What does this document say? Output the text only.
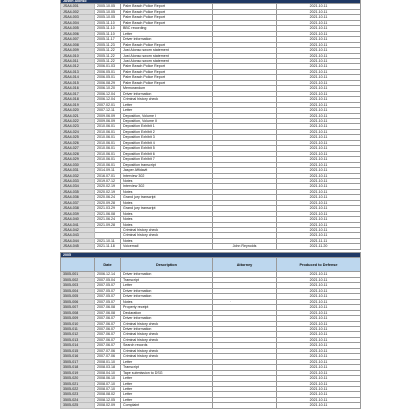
Justin Alonso				
JSA4-001	2005.10.05	Palm Beach Police Report		2021.10.11
JSA4-002	2005.10.05	Palm Beach Police Report		2021.10.11
JSA4-003	2005.10.05	Palm Beach Police Report		2021.10.11
JSA4-004	2005.11.10	Palm Beach Police Report		2021.10.11
JSA4-005	2005.11.10	BBC recording		2021.10.11
JSA4-006	2005.11.10	Letter		2021.10.11
JSA4-007	2005.11.17	Driver information		2021.10.11
JSA4-008	2005.11.23	Palm Beach Police Report		2021.10.11
JSA4-009	2005.11.22	Just Alonso sworn statement		2021.10.11
JSA4-010	2005.11.22	Just Alonso sworn statement		2021.10.11
JSA4-011	2005.11.22	Just Alonso sworn statement		2021.10.11
JSA4-012	2006.01.03	Palm Beach Police Report		2021.10.11
JSA4-013	2006.05.01	Palm Beach Police Report		2021.10.11
JSA4-014	2006.05.01	Palm Beach Police Report		2021.10.11
JSA4-015	2006.08.29	Palm Beach Police Report		2021.10.11
JSA4-016	2006.10.20	Memorandum		2021.10.11
JSA4-017	2006.12.04	Driver information		2021.10.11
JSA4-018	2006.12.04	Criminal history check		2021.10.11
JSA4-019	2007.02.01	Letter		2021.10.11
JSA4-020	2007.12.11	Letter		2021.10.11
JSA4-021	2009.06.09	Deposition, Volume I		2021.10.11
JSA4-022	2009.06.09	Deposition, Volume II		2021.10.11
JSA4-023	2010.06.01	Deposition Exhibit 1		2021.10.11
JSA4-024	2010.06.01	Deposition Exhibit 2		2021.10.11
JSA4-025	2010.06.01	Deposition Exhibit 3		2021.10.11
JSA4-026	2010.06.01	Deposition Exhibit 4		2021.10.11
JSA4-027	2010.06.01	Deposition Exhibit 5		2021.10.11
JSA4-028	2010.06.01	Deposition Exhibit 6		2021.10.11
JSA4-029	2010.06.01	Deposition Exhibit 7		2021.10.11
JSA4-030	2010.06.01	Deposition transcript		2021.10.11
JSA4-031	2014.09.11	Jasper Affidavit		2021.10.11
JSA4-032	2016.07.01	Interview 302		2021.10.11
JSA4-033	2019.07.12	Notes		2021.10.11
JSA4-034	2020.02.19	Interview 302		2021.10.11
JSA4-035	2020.02.19	Notes		2021.10.11
JSA4-036	2020.06.24	Grand jury transcript		2021.10.11
JSA4-037	2020.09.28	Notes		2021.10.11
JSA4-038	2021.03.29	Grand jury transcript		2021.10.11
JSA4-039	2021.06.08	Notes		2021.10.11
JSA4-040	2021.06.24	Notes		2021.10.11
JSA4-041	2021.09.28	Notes		2021.10.11
JSA4-042		Criminal history check		2021.10.11
JSA4-043		Criminal history check		2021.10.11
JSA4-044	2021.10.11	Notes		2021.11.11
JSA4-045	2021.11.18	Voicemail	John Reynolds	2021.11.20
2005				
	Date	Description	Attorney	Produced to Defense
3505-001	2006.12.14	Driver information		2021.10.11
3505-002	2007.05.04	Transcript		2021.10.11
3505-003	2007.05.07	Letter		2021.10.11
3505-004	2007.05.07	Driver information		2021.10.11
3505-005	2007.05.07	Driver information		2021.10.11
3505-006	2007.05.07	Notes		2021.10.11
3505-007	2007.06.08	Property receipt		2021.10.11
3505-008	2007.06.08	Declaration		2021.10.11
3505-009	2007.06.07	Driver information		2021.10.11
3505-010	2007.06.07	Criminal history check		2021.10.11
3505-011	2007.06.07	Driver information		2021.10.11
3505-012	2007.06.07	Criminal history check		2021.10.11
3505-013	2007.06.07	Criminal history check		2021.10.11
3505-014	2007.06.07	Search records		2021.10.11
3505-015	2007.07.06	Criminal history check		2021.10.11
3505-016	2007.07.06	Criminal history check		2021.10.11
3505-017	2008.01.10	Letter		2021.10.11
3505-018	2008.03.18	Transcript		2021.10.11
3505-019	2008.04.10	Tape submission to DSG		2021.10.11
3505-020	2008.06.10	Letter		2021.10.11
3505-021	2008.07.10	Letter		2021.10.11
3505-022	2008.07.10	Letter		2021.10.11
3505-023	2008.08.02	Letter		2021.10.11
3505-024	2008.12.05	Letter		2021.10.11
3505-025	2008.02.09	Complaint		2021.10.11
.
